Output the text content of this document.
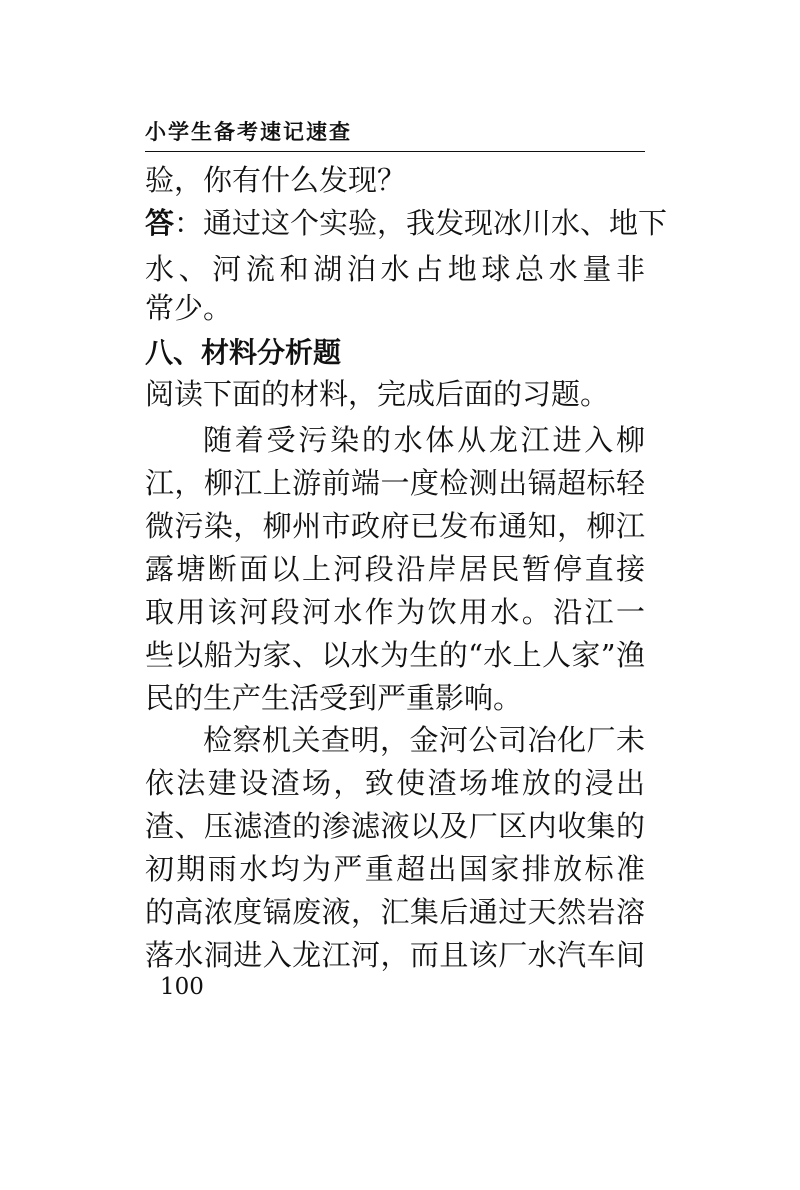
小学生备考速记速查
验，你有什么发现？
答：通过这个实验，我发现冰川水、地下
水、河流和湖泊水占地球总水量非
常少。
八、材料分析题
阅读下面的材料，完成后面的习题。
随着受污染的水体从龙江进入柳
江，柳江上游前端一度检测出镉超标轻
微污染，柳州市政府已发布通知，柳江
露塘断面以上河段沿岸居民暂停直接
取用该河段河水作为饮用水。沿江一
些以船为家、以水为生的“水上人家”渔
民的生产生活受到严重影响。
检察机关查明，金河公司冶化厂未
依法建设渣场，致使渣场堆放的浸出
渣、压滤渣的渗滤液以及厂区内收集的
初期雨水均为严重超出国家排放标准
的高浓度镉废液，汇集后通过天然岩溶
落水洞进入龙江河，而且该厂水汽车间
100
